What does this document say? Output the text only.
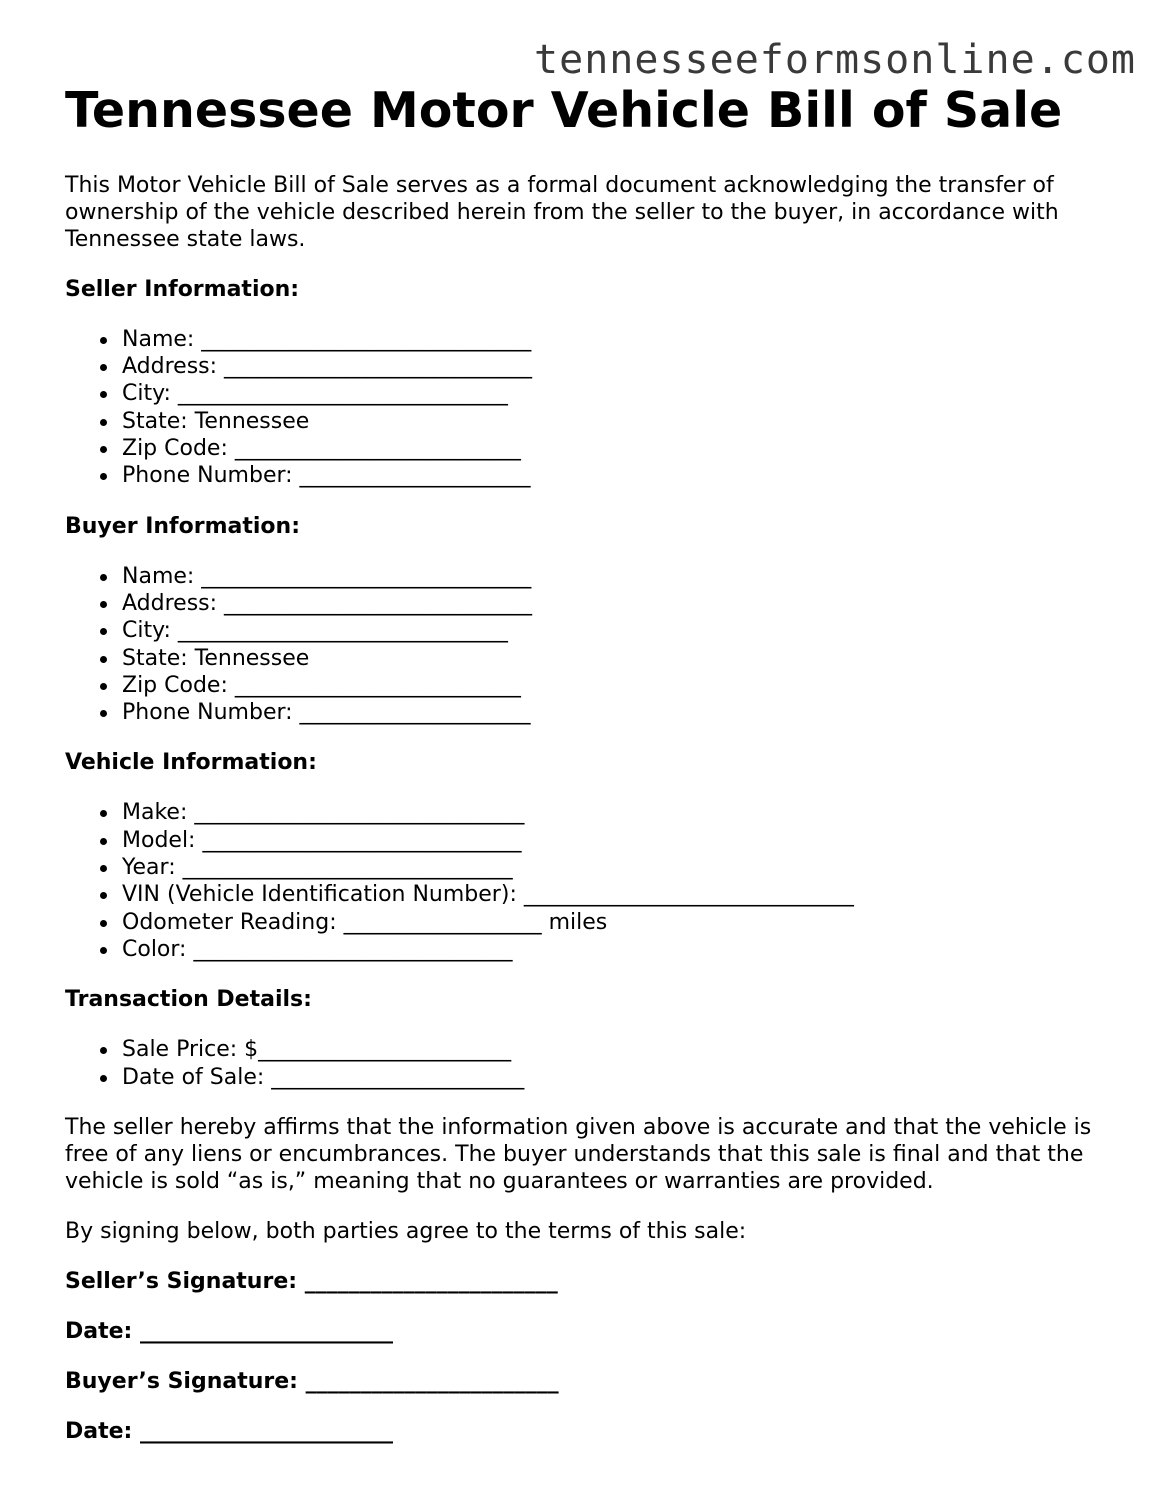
tennesseeformsonline.com
Tennessee Motor Vehicle Bill of Sale

This Motor Vehicle Bill of Sale serves as a formal document acknowledging the transfer of ownership of the vehicle described herein from the seller to the buyer, in accordance with Tennessee state laws.

Seller Information:
Name: ______________________________
Address: ____________________________
City: ______________________________
State: Tennessee
Zip Code: __________________________
Phone Number: _____________________
Buyer Information:
Name: ______________________________
Address: ____________________________
City: ______________________________
State: Tennessee
Zip Code: __________________________
Phone Number: _____________________
Vehicle Information:
Make: ______________________________
Model: _____________________________
Year: ______________________________
VIN (Vehicle Identification Number): ______________________________
Odometer Reading: __________________ miles
Color: _____________________________
Transaction Details:
Sale Price: $_______________________
Date of Sale: _______________________

The seller hereby affirms that the information given above is accurate and that the vehicle is free of any liens or encumbrances. The buyer understands that this sale is final and that the vehicle is sold “as is,” meaning that no guarantees or warranties are provided.

By signing below, both parties agree to the terms of this sale:

Seller’s Signature: _______________________
Date: _______________________
Buyer’s Signature: _______________________
Date: _______________________
